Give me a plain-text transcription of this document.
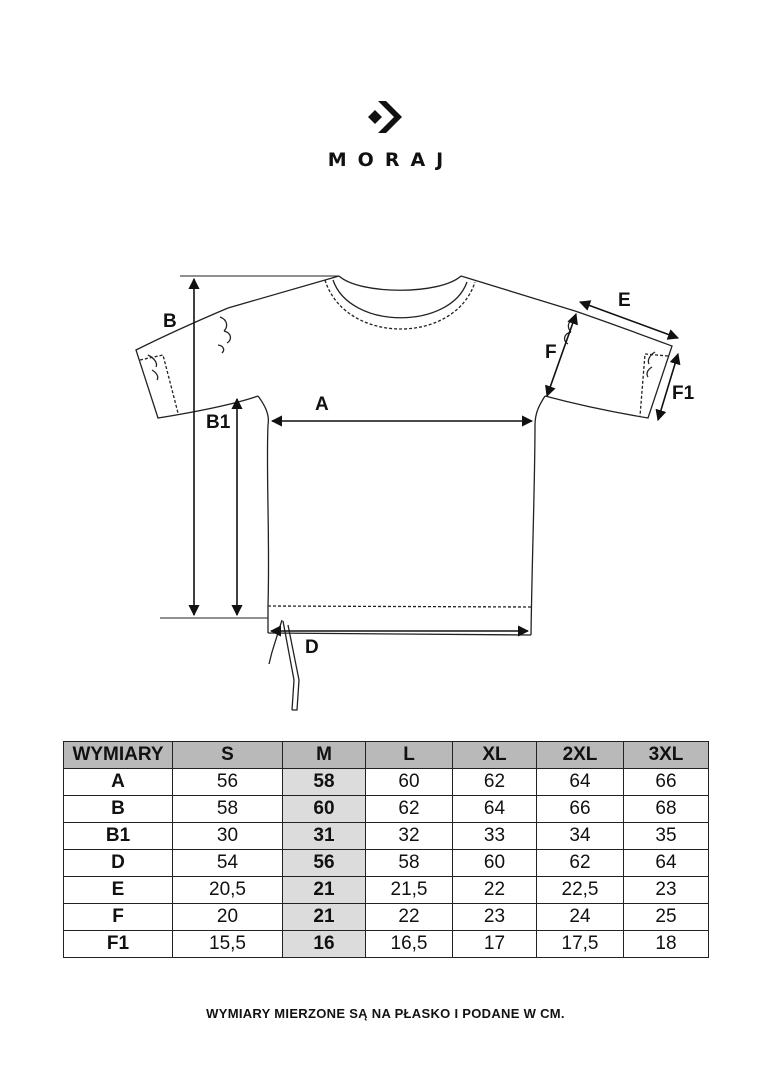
MORAJ
B
B1
A
D
E
F
F1
WYMIARY	S	M	L	XL	2XL	3XL
A	56	58	60	62	64	66
B	58	60	62	64	66	68
B1	30	31	32	33	34	35
D	54	56	58	60	62	64
E	20,5	21	21,5	22	22,5	23
F	20	21	22	23	24	25
F1	15,5	16	16,5	17	17,5	18
WYMIARY MIERZONE SĄ NA PŁASKO I PODANE W CM.
